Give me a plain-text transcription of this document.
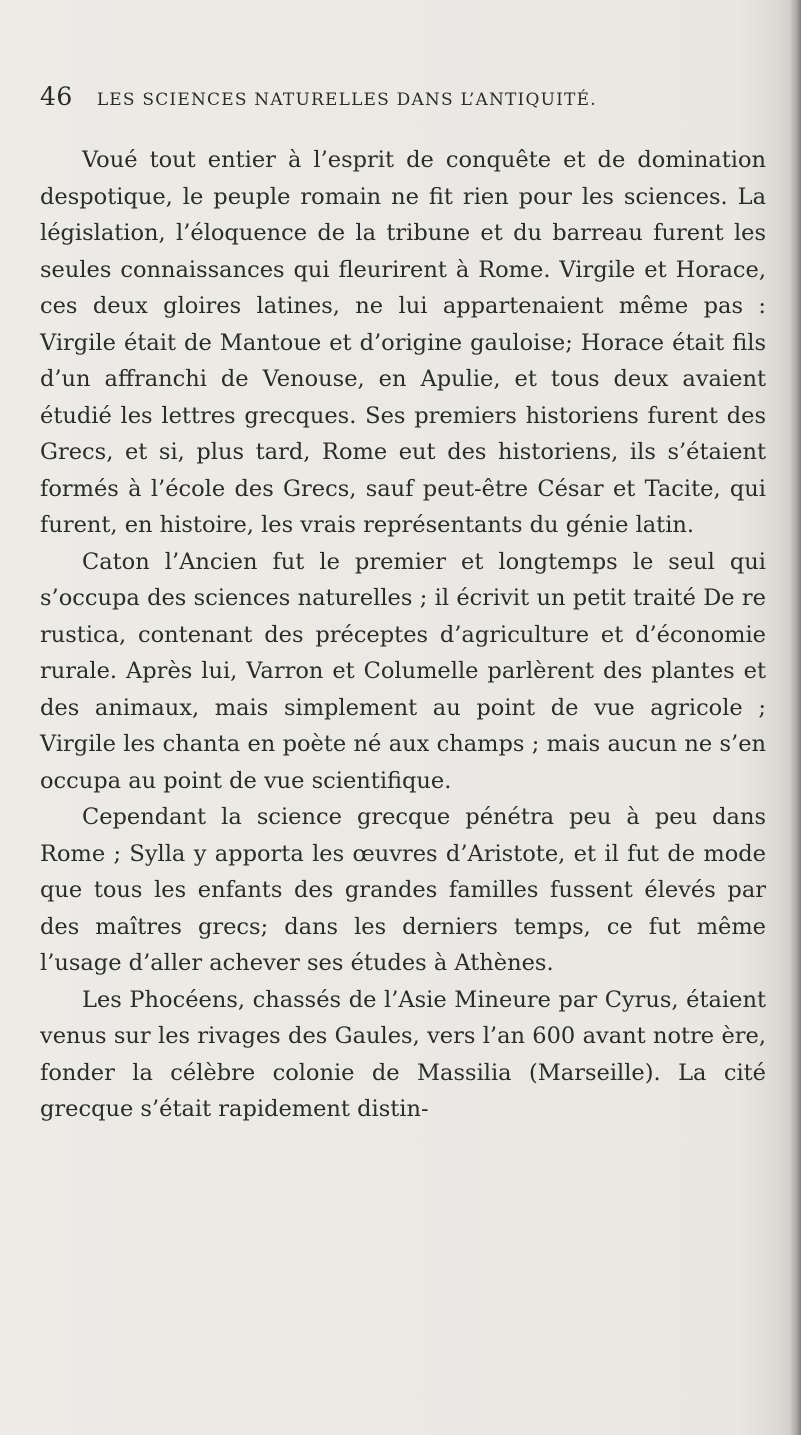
46 LES SCIENCES NATURELLES DANS L’ANTIQUITÉ.

Voué tout entier à l’esprit de conquête et de domination despotique, le peuple romain ne fit rien pour les sciences. La législation, l’éloquence de la tribune et du barreau furent les seules connaissances qui fleurirent à Rome. Virgile et Horace, ces deux gloires latines, ne lui appartenaient même pas : Virgile était de Mantoue et d’origine gauloise; Horace était fils d’un affranchi de Venouse, en Apulie, et tous deux avaient étudié les lettres grecques. Ses premiers historiens furent des Grecs, et si, plus tard, Rome eut des historiens, ils s’étaient formés à l’école des Grecs, sauf peut-être César et Tacite, qui furent, en histoire, les vrais représentants du génie latin.

Caton l’Ancien fut le premier et longtemps le seul qui s’occupa des sciences naturelles ; il écrivit un petit traité De re rustica, contenant des préceptes d’agriculture et d’économie rurale. Après lui, Varron et Columelle parlèrent des plantes et des animaux, mais simplement au point de vue agricole ; Virgile les chanta en poète né aux champs ; mais aucun ne s’en occupa au point de vue scientifique.

Cependant la science grecque pénétra peu à peu dans Rome ; Sylla y apporta les œuvres d’Aristote, et il fut de mode que tous les enfants des grandes familles fussent élevés par des maîtres grecs; dans les derniers temps, ce fut même l’usage d’aller achever ses études à Athènes.

Les Phocéens, chassés de l’Asie Mineure par Cyrus, étaient venus sur les rivages des Gaules, vers l’an 600 avant notre ère, fonder la célèbre colonie de Massilia (Marseille). La cité grecque s’était rapidement distin-
